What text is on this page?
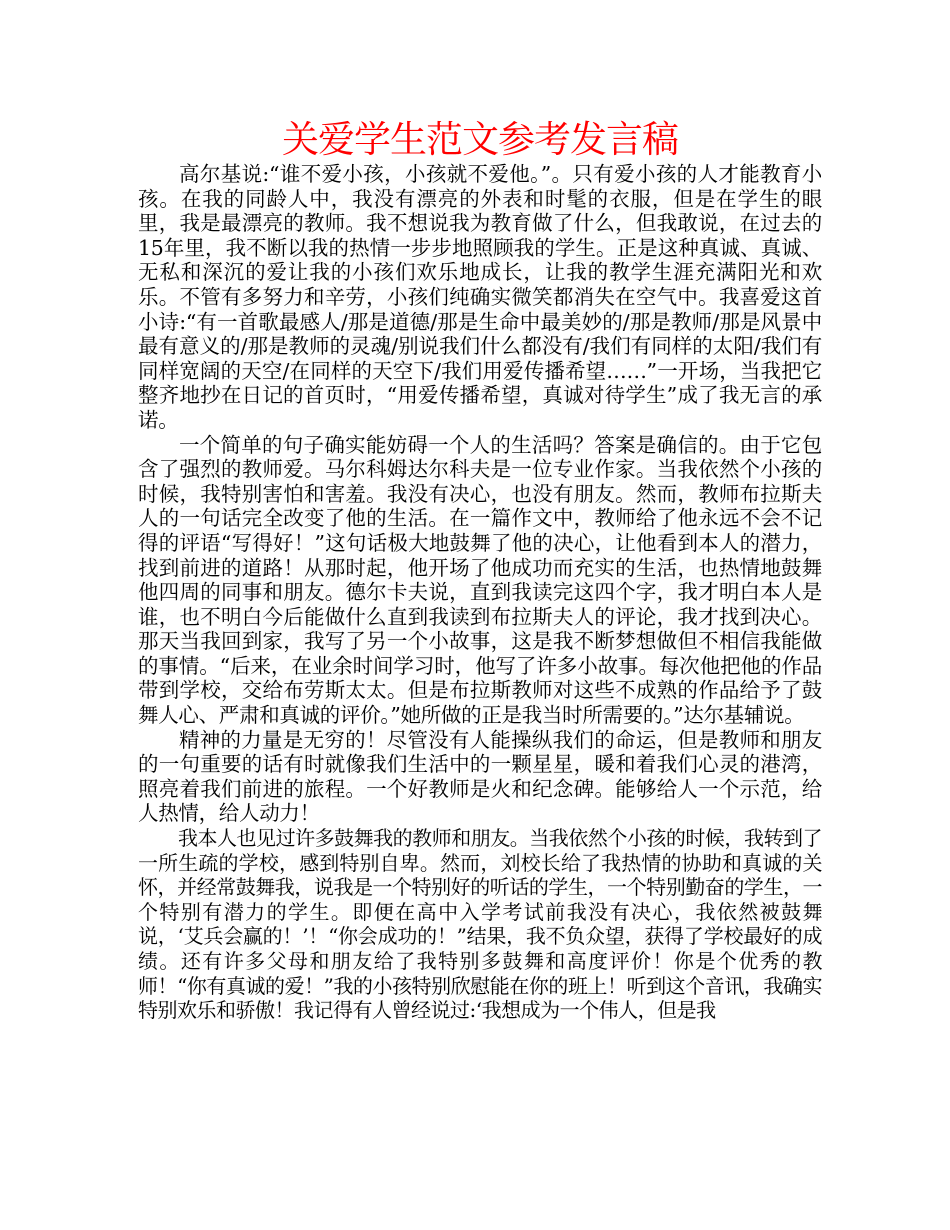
关爱学生范文参考发言稿

高尔基说:“谁不爱小孩，小孩就不爱他。”。只有爱小孩的人才能教育小孩。在我的同龄人中，我没有漂亮的外表和时髦的衣服，但是在学生的眼里，我是最漂亮的教师。我不想说我为教育做了什么，但我敢说，在过去的15年里，我不断以我的热情一步步地照顾我的学生。正是这种真诚、真诚、无私和深沉的爱让我的小孩们欢乐地成长，让我的教学生涯充满阳光和欢乐。不管有多努力和辛劳，小孩们纯确实微笑都消失在空气中。我喜爱这首小诗:“有一首歌最感人/那是道德/那是生命中最美妙的/那是教师/那是风景中最有意义的/那是教师的灵魂/别说我们什么都没有/我们有同样的太阳/我们有同样宽阔的天空/在同样的天空下/我们用爱传播希望……”一开场，当我把它整齐地抄在日记的首页时，“用爱传播希望，真诚对待学生”成了我无言的承诺。

一个简单的句子确实能妨碍一个人的生活吗？答案是确信的。由于它包含了强烈的教师爱。马尔科姆达尔科夫是一位专业作家。当我依然个小孩的时候，我特别害怕和害羞。我没有决心，也没有朋友。然而，教师布拉斯夫人的一句话完全改变了他的生活。在一篇作文中，教师给了他永远不会不记得的评语“写得好！”这句话极大地鼓舞了他的决心，让他看到本人的潜力，找到前进的道路！从那时起，他开场了他成功而充实的生活，也热情地鼓舞他四周的同事和朋友。德尔卡夫说，直到我读完这四个字，我才明白本人是谁，也不明白今后能做什么直到我读到布拉斯夫人的评论，我才找到决心。那天当我回到家，我写了另一个小故事，这是我不断梦想做但不相信我能做的事情。“后来，在业余时间学习时，他写了许多小故事。每次他把他的作品带到学校，交给布劳斯太太。但是布拉斯教师对这些不成熟的作品给予了鼓舞人心、严肃和真诚的评价。”她所做的正是我当时所需要的。”达尔基辅说。

精神的力量是无穷的！尽管没有人能操纵我们的命运，但是教师和朋友的一句重要的话有时就像我们生活中的一颗星星，暖和着我们心灵的港湾，照亮着我们前进的旅程。一个好教师是火和纪念碑。能够给人一个示范，给人热情，给人动力！

我本人也见过许多鼓舞我的教师和朋友。当我依然个小孩的时候，我转到了一所生疏的学校，感到特别自卑。然而，刘校长给了我热情的协助和真诚的关怀，并经常鼓舞我，说我是一个特别好的听话的学生，一个特别勤奋的学生，一个特别有潜力的学生。即便在高中入学考试前我没有决心，我依然被鼓舞说，‘艾兵会赢的！’！“你会成功的！”结果，我不负众望，获得了学校最好的成绩。还有许多父母和朋友给了我特别多鼓舞和高度评价！你是个优秀的教师！“你有真诚的爱！”我的小孩特别欣慰能在你的班上！听到这个音讯，我确实特别欢乐和骄傲！我记得有人曾经说过:‘我想成为一个伟人，但是我
